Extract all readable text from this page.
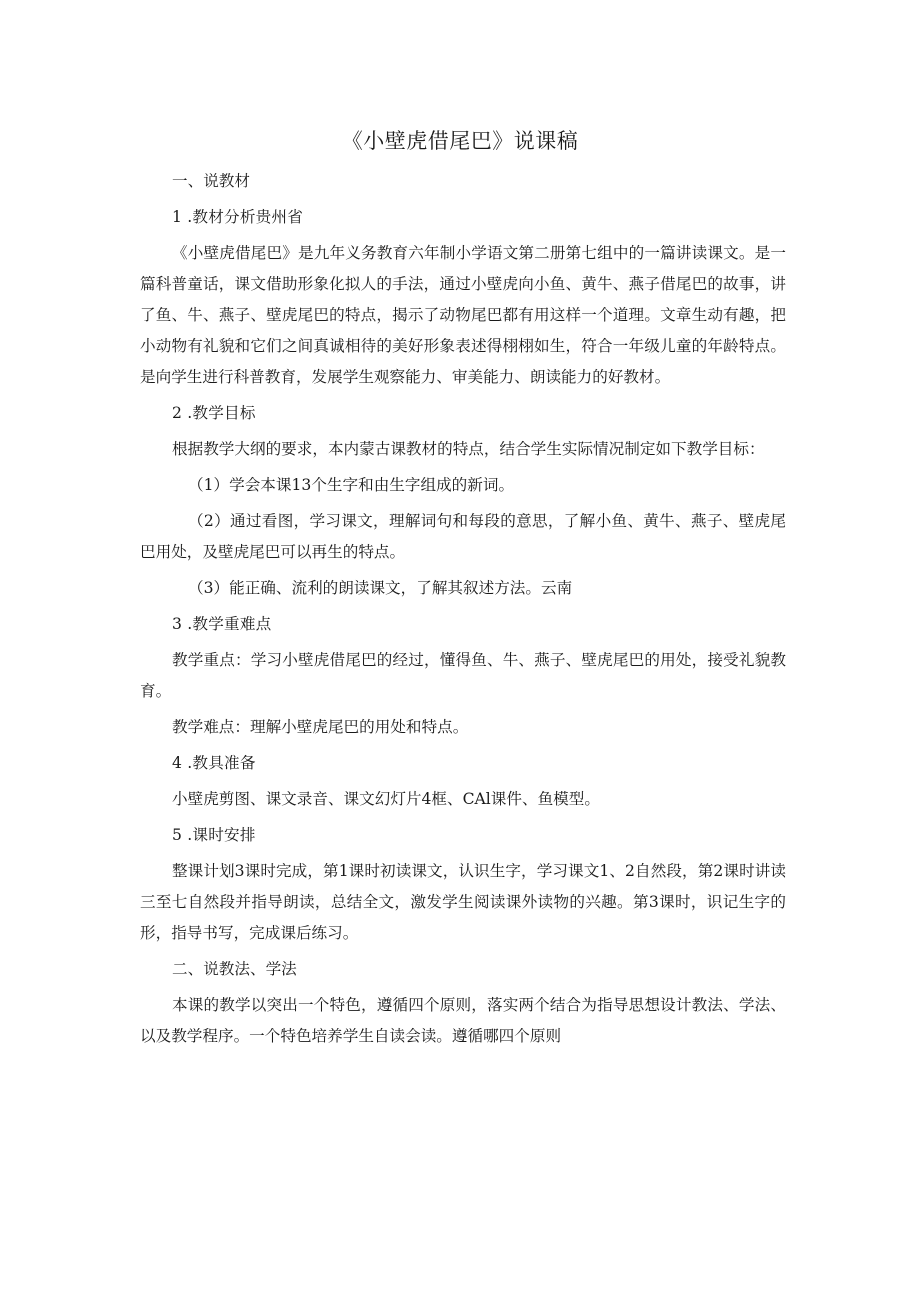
《小壁虎借尾巴》说课稿

一、说教材

1 .教材分析贵州省

《小壁虎借尾巴》是九年义务教育六年制小学语文第二册第七组中的一篇讲读课文。是一篇科普童话，课文借助形象化拟人的手法，通过小壁虎向小鱼、黄牛、燕子借尾巴的故事，讲了鱼、牛、燕子、壁虎尾巴的特点，揭示了动物尾巴都有用这样一个道理。文章生动有趣，把小动物有礼貌和它们之间真诚相待的美好形象表述得栩栩如生，符合一年级儿童的年龄特点。是向学生进行科普教育，发展学生观察能力、审美能力、朗读能力的好教材。

2 .教学目标

根据教学大纲的要求，本内蒙古课教材的特点，结合学生实际情况制定如下教学目标：

（1）学会本课13个生字和由生字组成的新词。

（2）通过看图，学习课文，理解词句和每段的意思，了解小鱼、黄牛、燕子、壁虎尾巴用处，及壁虎尾巴可以再生的特点。

（3）能正确、流利的朗读课文，了解其叙述方法。云南

3 .教学重难点

教学重点：学习小壁虎借尾巴的经过，懂得鱼、牛、燕子、壁虎尾巴的用处，接受礼貌教育。

教学难点：理解小壁虎尾巴的用处和特点。

4 .教具准备

小壁虎剪图、课文录音、课文幻灯片4框、CAl课件、鱼模型。

5 .课时安排

整课计划3课时完成，第1课时初读课文，认识生字，学习课文1、2自然段，第2课时讲读三至七自然段并指导朗读，总结全文，激发学生阅读课外读物的兴趣。第3课时，识记生字的形，指导书写，完成课后练习。

二、说教法、学法

本课的教学以突出一个特色，遵循四个原则，落实两个结合为指导思想设计教法、学法、以及教学程序。一个特色培养学生自读会读。遵循哪四个原则
